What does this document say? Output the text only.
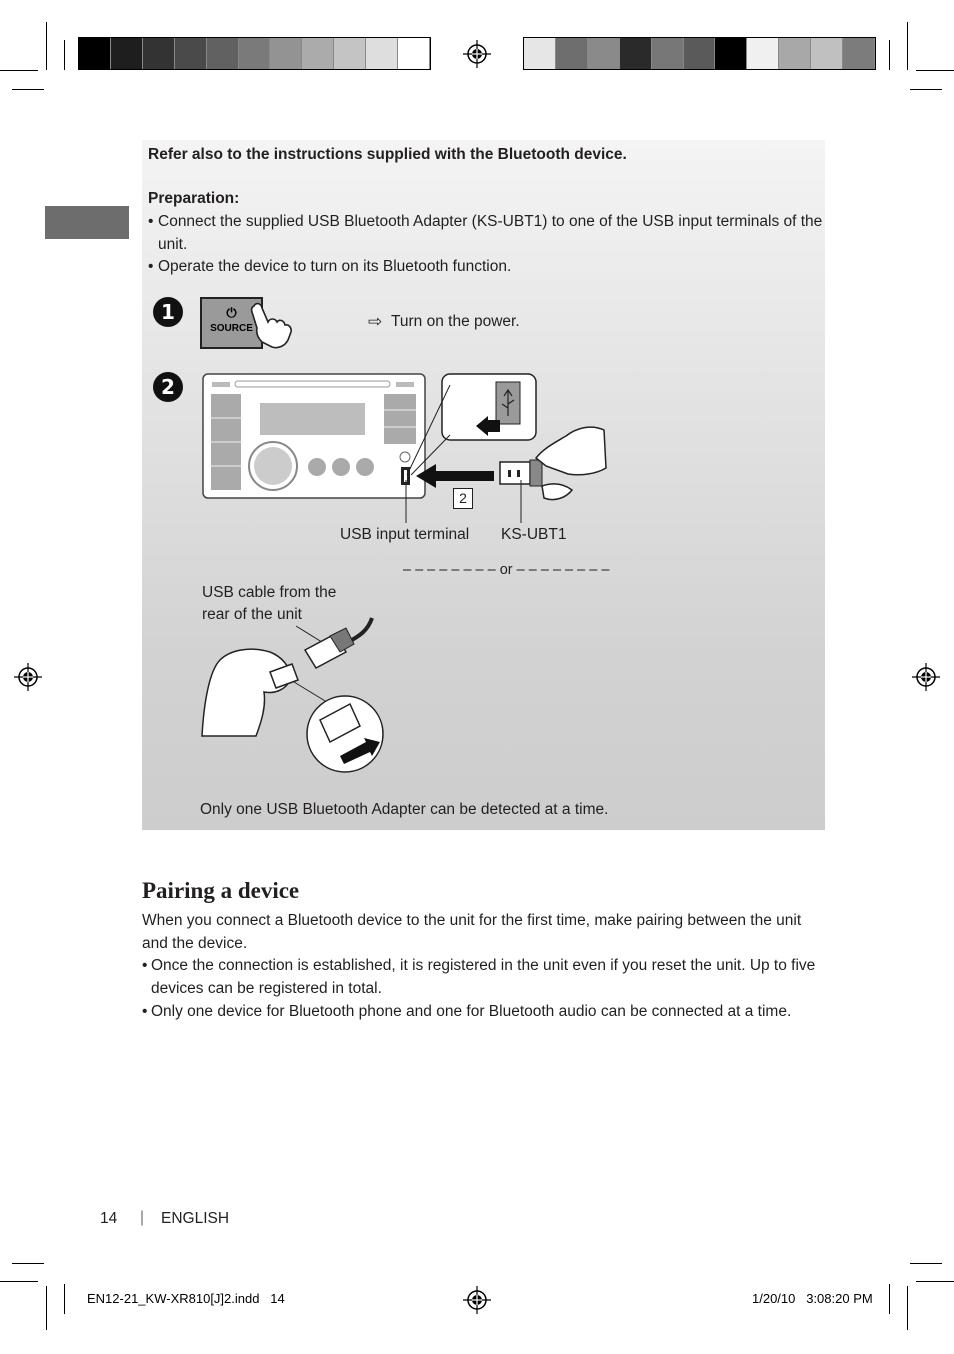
Refer also to the instructions supplied with the Bluetooth device.
Preparation:
• Connect the supplied USB Bluetooth Adapter (KS-UBT1) to one of the USB input terminals of the
unit.
• Operate the device to turn on its Bluetooth function.
1	⏻
SOURCE	⇨ Turn on the power.
2
2
USB input terminal KS-UBT1
– – – – – – – – or – – – – – – – –
USB cable from the
rear of the unit
Only one USB Bluetooth Adapter can be detected at a time.
Pairing a device
When you connect a Bluetooth device to the unit for the first time, make pairing between the unit
and the device.
• Once the connection is established, it is registered in the unit even if you reset the unit. Up to five
devices can be registered in total.
• Only one device for Bluetooth phone and one for Bluetooth audio can be connected at a time.
14 | ENGLISH
EN12-21_KW-XR810[J]2.indd   14	1/20/10   3:08:20 PM
